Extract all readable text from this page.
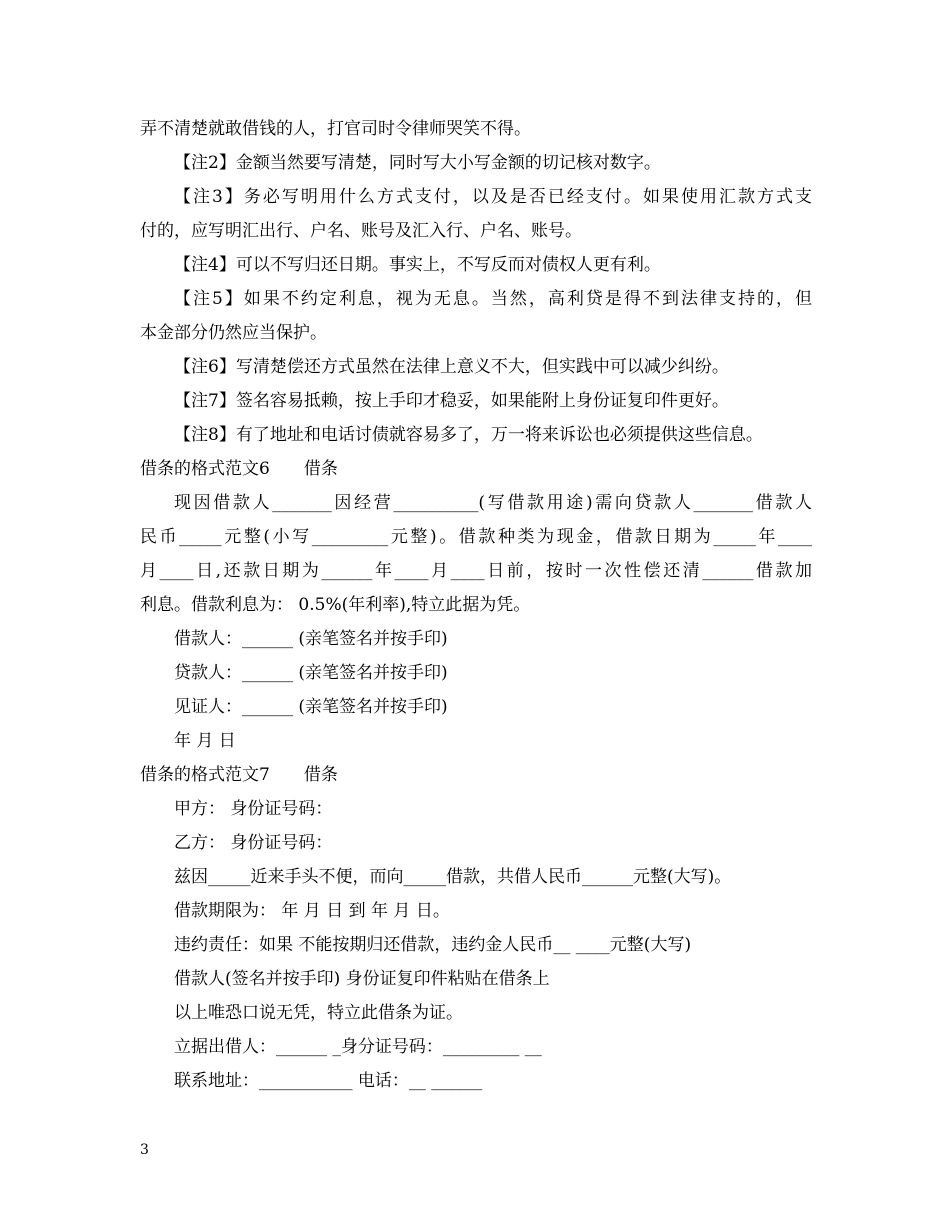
弄不清楚就敢借钱的人，打官司时令律师哭笑不得。
【注2】金额当然要写清楚，同时写大小写金额的切记核对数字。
【注3】务必写明用什么方式支付，以及是否已经支付。如果使用汇款方式支
付的，应写明汇出行、户名、账号及汇入行、户名、账号。
【注4】可以不写归还日期。事实上，不写反而对债权人更有利。
【注5】如果不约定利息，视为无息。当然，高利贷是得不到法律支持的，但
本金部分仍然应当保护。
【注6】写清楚偿还方式虽然在法律上意义不大，但实践中可以减少纠纷。
【注7】签名容易抵赖，按上手印才稳妥，如果能附上身份证复印件更好。
【注8】有了地址和电话讨债就容易多了，万一将来诉讼也必须提供这些信息。
借条的格式范文6　　借条
现因借款人_______因经营__________(写借款用途)需向贷款人_______借款人
民币_____元整(小写_________元整)。借款种类为现金，借款日期为_____年____
月____日,还款日期为______年____月____日前，按时一次性偿还清______借款加
利息。借款利息为： 0.5%(年利率),特立此据为凭。
借款人：______ (亲笔签名并按手印)
贷款人：______ (亲笔签名并按手印)
见证人：______ (亲笔签名并按手印)
年 月 日
借条的格式范文7　　借条
甲方： 身份证号码：
乙方： 身份证号码：
兹因_____近来手头不便，而向_____借款，共借人民币______元整(大写)。
借款期限为： 年 月 日 到 年 月 日。
违约责任：如果 不能按期归还借款，违约金人民币__ ____元整(大写)
借款人(签名并按手印) 身份证复印件粘贴在借条上
以上唯恐口说无凭，特立此借条为证。
立据出借人：______ _身分证号码：_________ __
联系地址：___________ 电话：__ ______
3
